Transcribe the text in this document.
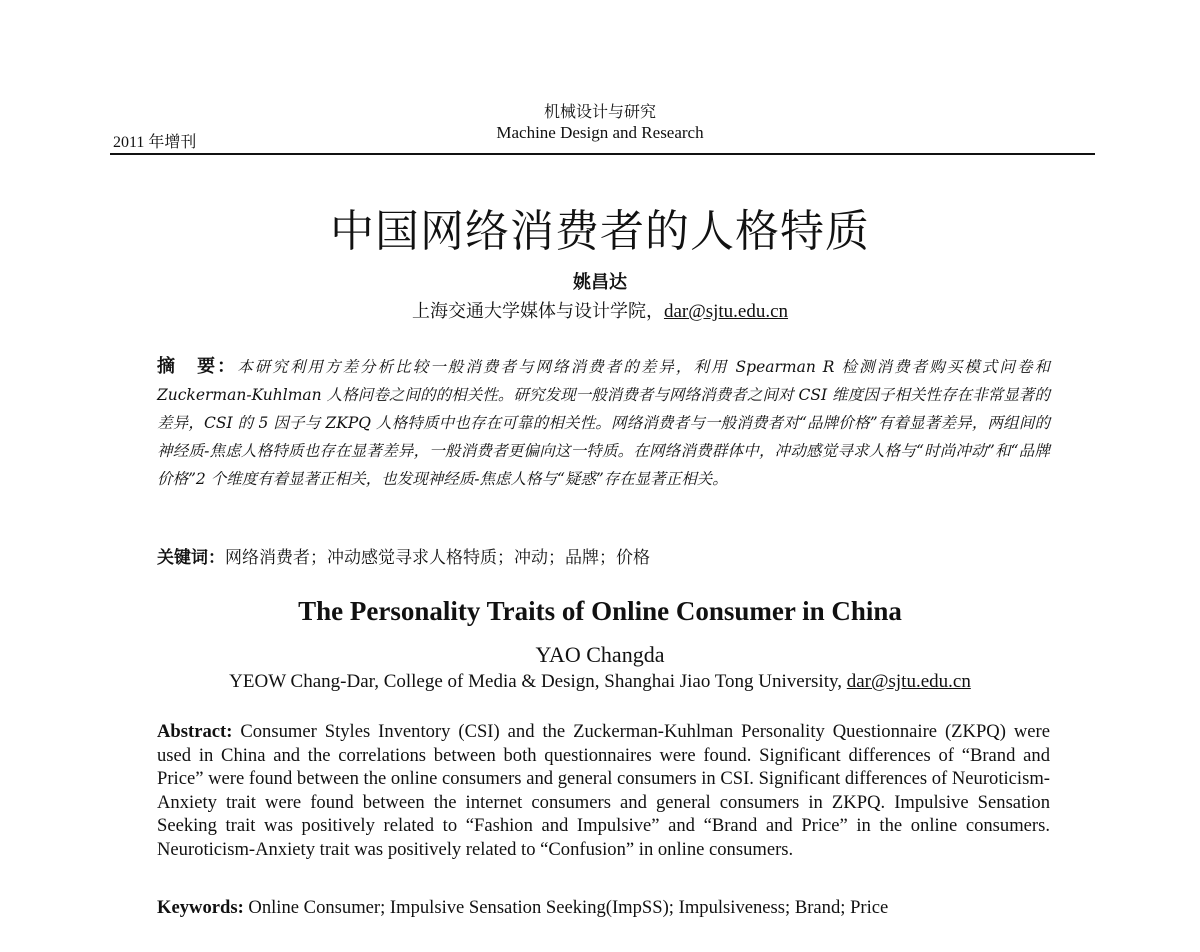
机械设计与研究
Machine Design and Research
2011 年增刊
中国网络消费者的人格特质
姚昌达
上海交通大学媒体与设计学院，dar@sjtu.edu.cn
摘　要：本研究利用方差分析比较一般消费者与网络消费者的差异，利用 Spearman R 检测消费者购买模式问卷和 Zuckerman-Kuhlman 人格问卷之间的的相关性。研究发现一般消费者与网络消费者之间对 CSI 维度因子相关性存在非常显著的差异，CSI 的 5 因子与 ZKPQ 人格特质中也存在可靠的相关性。网络消费者与一般消费者对“品牌价格”有着显著差异，两组间的神经质-焦虑人格特质也存在显著差异，一般消费者更偏向这一特质。在网络消费群体中，冲动感觉寻求人格与“时尚冲动”和“品牌价格”2 个维度有着显著正相关，也发现神经质-焦虑人格与“疑惑”存在显著正相关。
关键词：网络消费者；冲动感觉寻求人格特质；冲动；品牌；价格
The Personality Traits of Online Consumer in China
YAO Changda
YEOW Chang-Dar, College of Media & Design, Shanghai Jiao Tong University, dar@sjtu.edu.cn
Abstract: Consumer Styles Inventory (CSI) and the Zuckerman-Kuhlman Personality Questionnaire (ZKPQ) were used in China and the correlations between both questionnaires were found. Significant differences of “Brand and Price” were found between the online consumers and general consumers in CSI. Significant differences of Neuroticism-Anxiety trait were found between the internet consumers and general consumers in ZKPQ. Impulsive Sensation Seeking trait was positively related to “Fashion and Impulsive” and “Brand and Price” in the online consumers. Neuroticism-Anxiety trait was positively related to “Confusion” in online consumers.
Keywords: Online Consumer; Impulsive Sensation Seeking(ImpSS); Impulsiveness; Brand; Price
